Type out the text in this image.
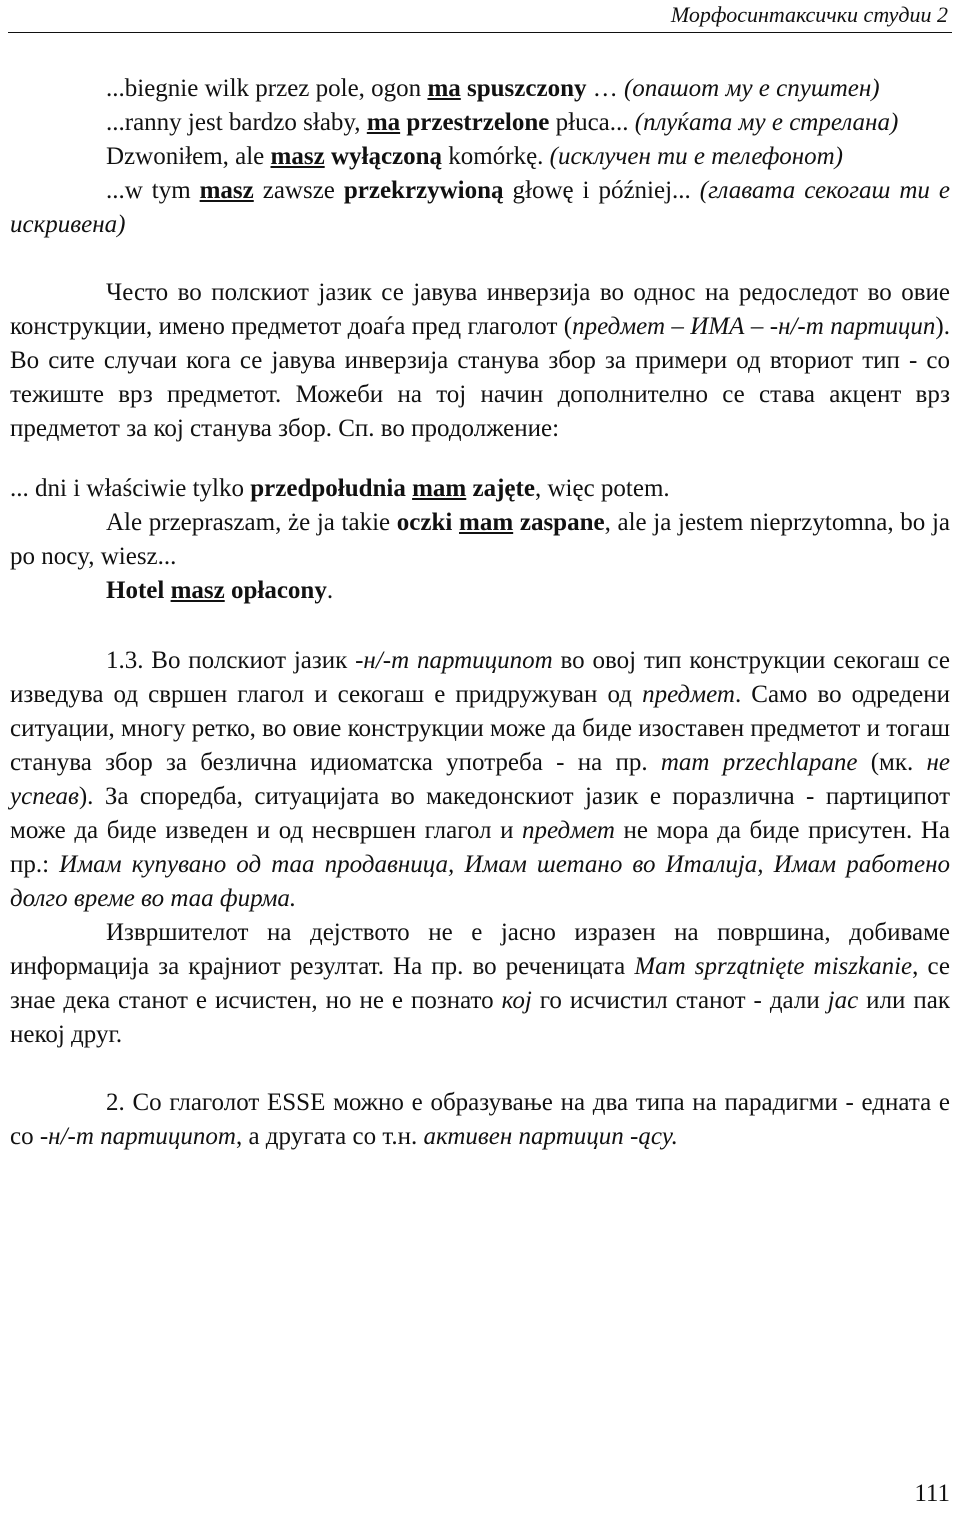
Морфосинтаксички студии 2

...biegnie wilk przez pole, ogon ma spuszczony … (опашот му е спуштен)

...ranny jest bardzo słaby, ma przestrzelone płuca... (плуќата му е стрелана)

Dzwoniłem, ale masz wyłączoną komórkę. (исклучен ти е телефонот)

...w tym masz zawsze przekrzywioną głowę i później... (главата секогаш ти е искривена)

Често во полскиот јазик се јавува инверзија во однос на редоследот во овие конструкции, имено предметот доаѓа пред глаголот (предмет – ИМА – -н/-т партицип). Во сите случаи кога се јавува инверзија станува збор за примери од вториот тип - со тежиште врз предметот. Можеби на тој начин дополнително се става акцент врз предметот за кој станува збор. Сп. во продолжение:

... dni i właściwie tylko przedpołudnia mam zajęte, więc potem.

Ale przepraszam, że ja takie oczki mam zaspane, ale ja jestem nieprzytomna, bo ja po nocy, wiesz...

Hotel masz opłacony.

1.3. Во полскиот јазик -н/-т партиципот во овој тип конструкции секогаш се изведува од свршен глагол и секогаш е придружуван од предмет. Само во одредени ситуации, многу ретко, во овие конструкции може да биде изоставен предметот и тогаш станува збор за безлична идиоматска употреба - на пр. mam przechlapane (мк. не успеав). За споредба, ситуацијата во македонскиот јазик е поразлична - партиципот може да биде изведен и од несвршен глагол и предмет не мора да биде присутен. На пр.: Имам купувано од таа продавница, Имам шетано во Италија, Имам работено долго време во таа фирма.

Извршителот на дејството не е јасно изразен на површина, добиваме информација за крајниот резултат. На пр. во реченицата Mam sprzątnięte miszkanie, се знае дека станот е исчистен, но не е познато кој го исчистил станот - дали јас или пак некој друг.

2. Со глаголот ESSE можно е образување на два типа на парадигми - едната е со -н/-т партиципот, а другата со т.н. активен партицип -ący.

111
